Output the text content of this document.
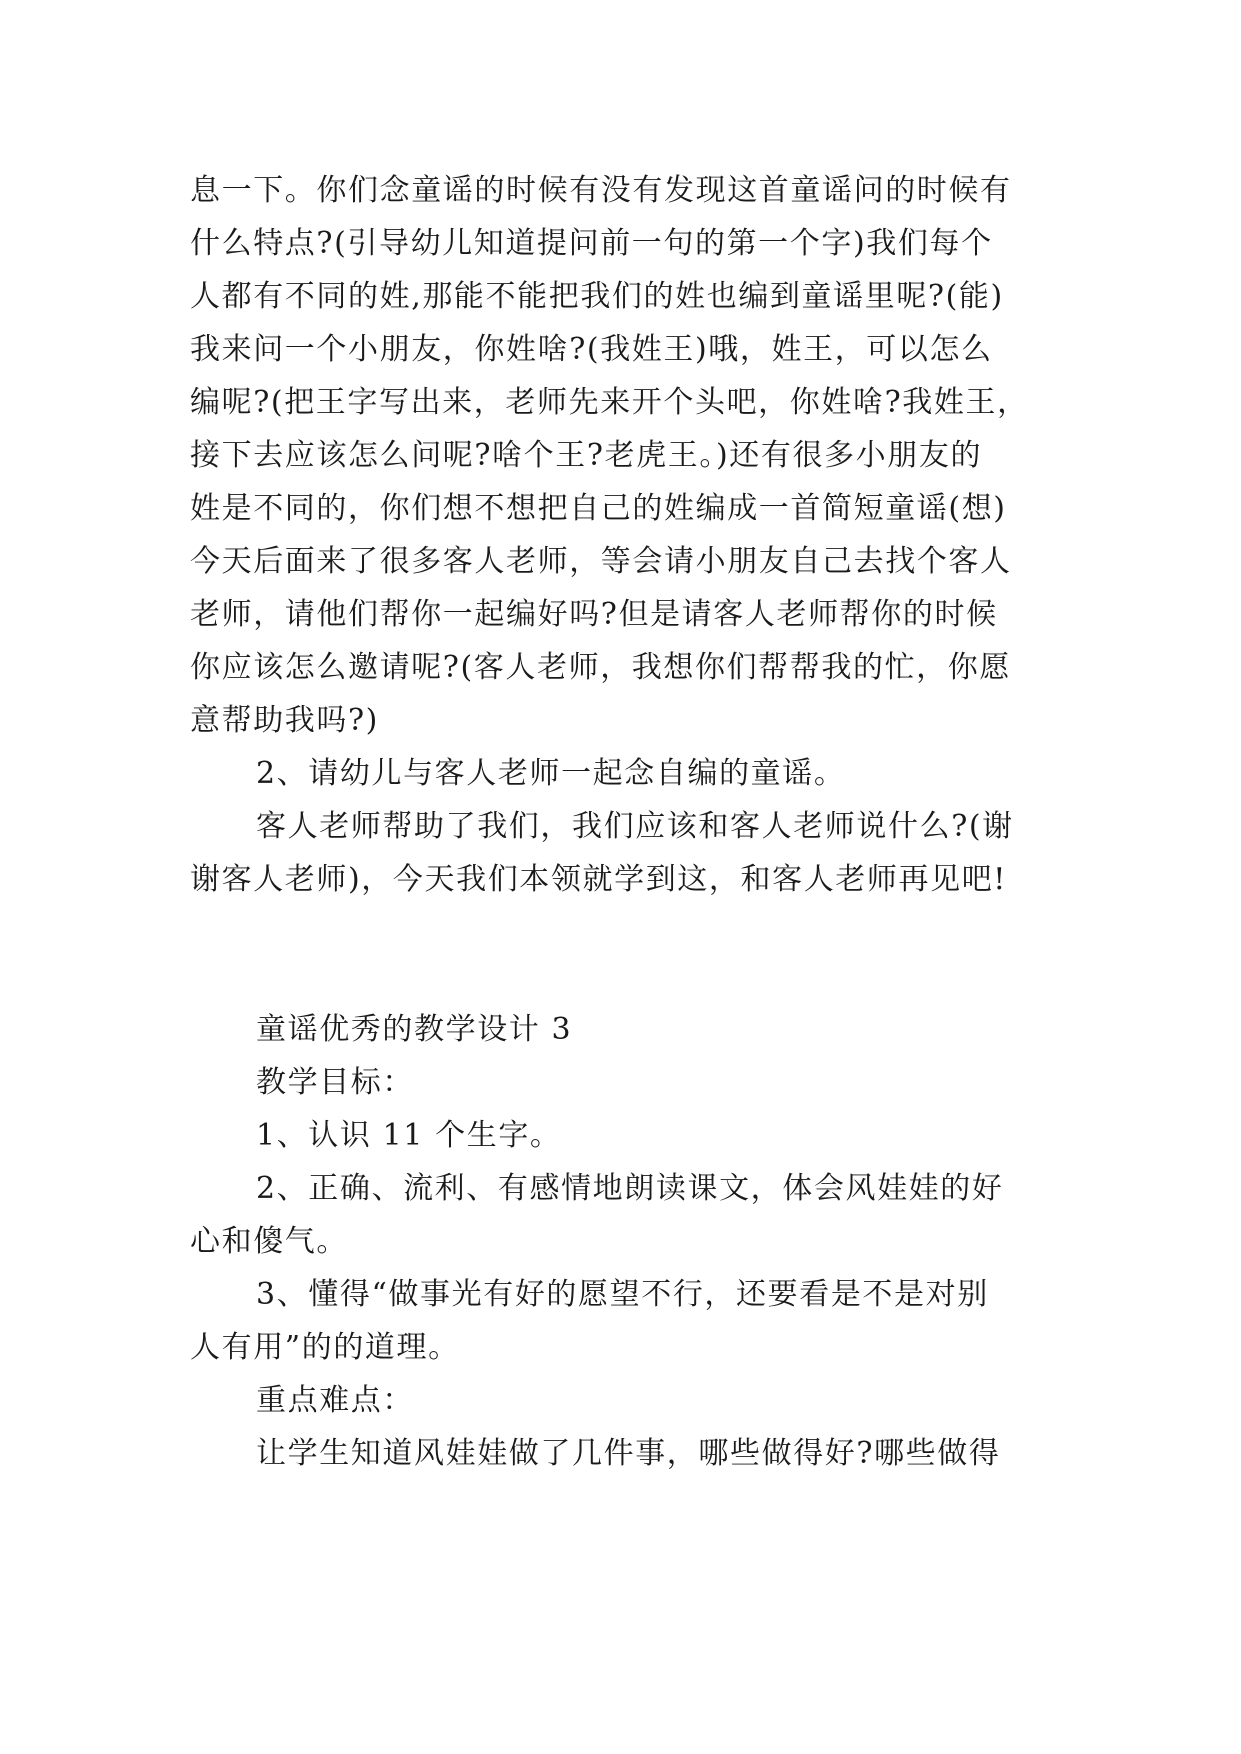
息一下。你们念童谣的时候有没有发现这首童谣问的时候有
什么特点?(引导幼儿知道提问前一句的第一个字)我们每个
人都有不同的姓,那能不能把我们的姓也编到童谣里呢?(能)
我来问一个小朋友，你姓啥?(我姓王)哦，姓王，可以怎么
编呢?(把王字写出来，老师先来开个头吧，你姓啥?我姓王，
接下去应该怎么问呢?啥个王?老虎王。)还有很多小朋友的
姓是不同的，你们想不想把自己的姓编成一首简短童谣(想)
今天后面来了很多客人老师，等会请小朋友自己去找个客人
老师，请他们帮你一起编好吗?但是请客人老师帮你的时候
你应该怎么邀请呢?(客人老师，我想你们帮帮我的忙，你愿
意帮助我吗?)
2、请幼儿与客人老师一起念自编的童谣。
客人老师帮助了我们，我们应该和客人老师说什么?(谢
谢客人老师)，今天我们本领就学到这，和客人老师再见吧!
童谣优秀的教学设计 3
教学目标：
1、认识 11 个生字。
2、正确、流利、有感情地朗读课文，体会风娃娃的好
心和傻气。
3、懂得“做事光有好的愿望不行，还要看是不是对别
人有用”的的道理。
重点难点：
让学生知道风娃娃做了几件事，哪些做得好?哪些做得
